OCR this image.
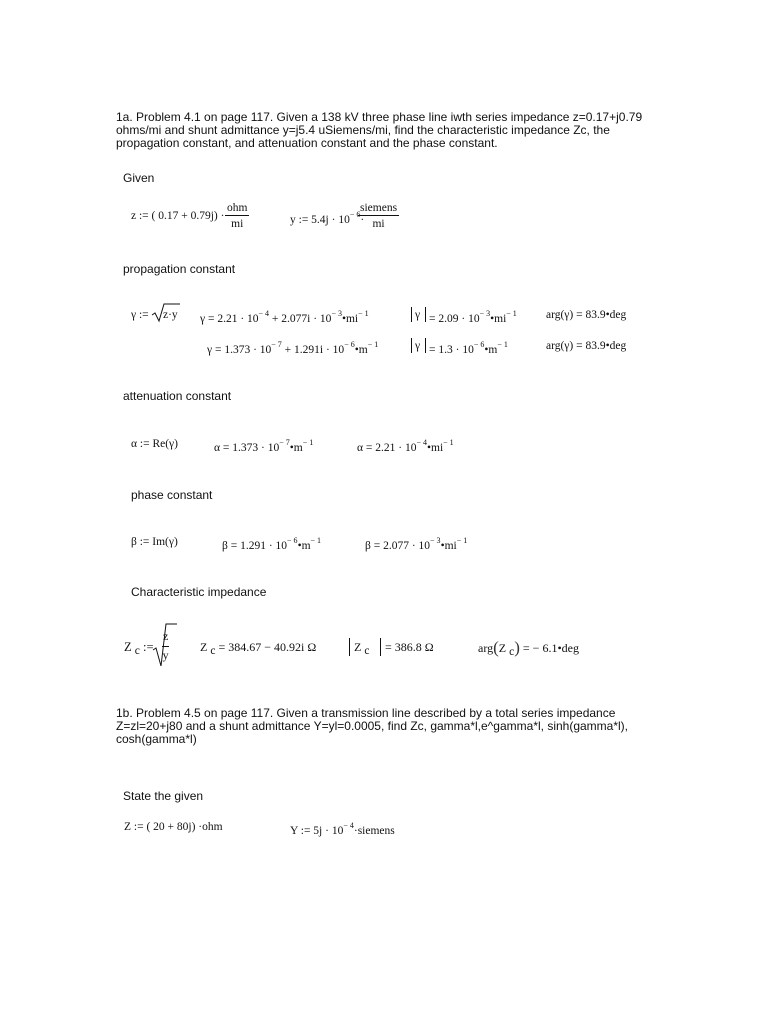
1a. Problem 4.1 on page 117. Given a 138 kV three phase line iwth series impedance z=0.17+j0.79 ohms/mi and shunt admittance y=j5.4 uSiemens/mi, find the characteristic impedance Zc, the propagation constant, and attenuation constant and the phase constant.
Given
z := ( 0.17 + 0.79j) ·
ohm
mi	y := $5.4j \cdot 10^{- 6}\cdot$
siemens
mi
propagation constant
γ := z·y $\gamma = 2.21 \cdot 10^{- 4} + 2.077i$ · $10^{- 3}•mi^{- 1}$	$\gamma = 2.09 \cdot 10^{- 3}•mi^{- 1}$	arg(γ) = 83.9•deg
$\gamma = 1.373 \cdot 10^{- 7} + 1.291i$ · $10^{- 6}•m^{- 1}$	$\gamma = 1.3 \cdot 10^{- 6}•m^{- 1}$	arg(γ) = 83.9•deg
attenuation constant
α := Re(γ)	$\alpha = 1.373 \cdot 10^{- 7}•m^{- 1}$	$\alpha = 2.21 \cdot 10^{- 4}•mi^{- 1}$
phase constant
β := Im(γ)	$\beta = 1.291 \cdot 10^{- 6}•m^{- 1}$	$\beta = 2.077 \cdot 10^{- 3}•mi^{- 1}$
Characteristic impedance
Z c := $\frac{z}{y}$	Z c = 384.67 − 40.92i Ω	Z c = 386.8 Ω	arg(Z c) = − 6.1•deg
1b. Problem 4.5 on page 117. Given a transmission line described by a total series impedance Z=zl=20+j80 and a shunt admittance Y=yl=0.0005, find Zc, gamma*l,e^gamma*l, sinh(gamma*l), cosh(gamma*l)
State the given
Z := ( 20 + 80j) ·ohm	Y := $5j \cdot 10^{- 4}\cdot siemens$
